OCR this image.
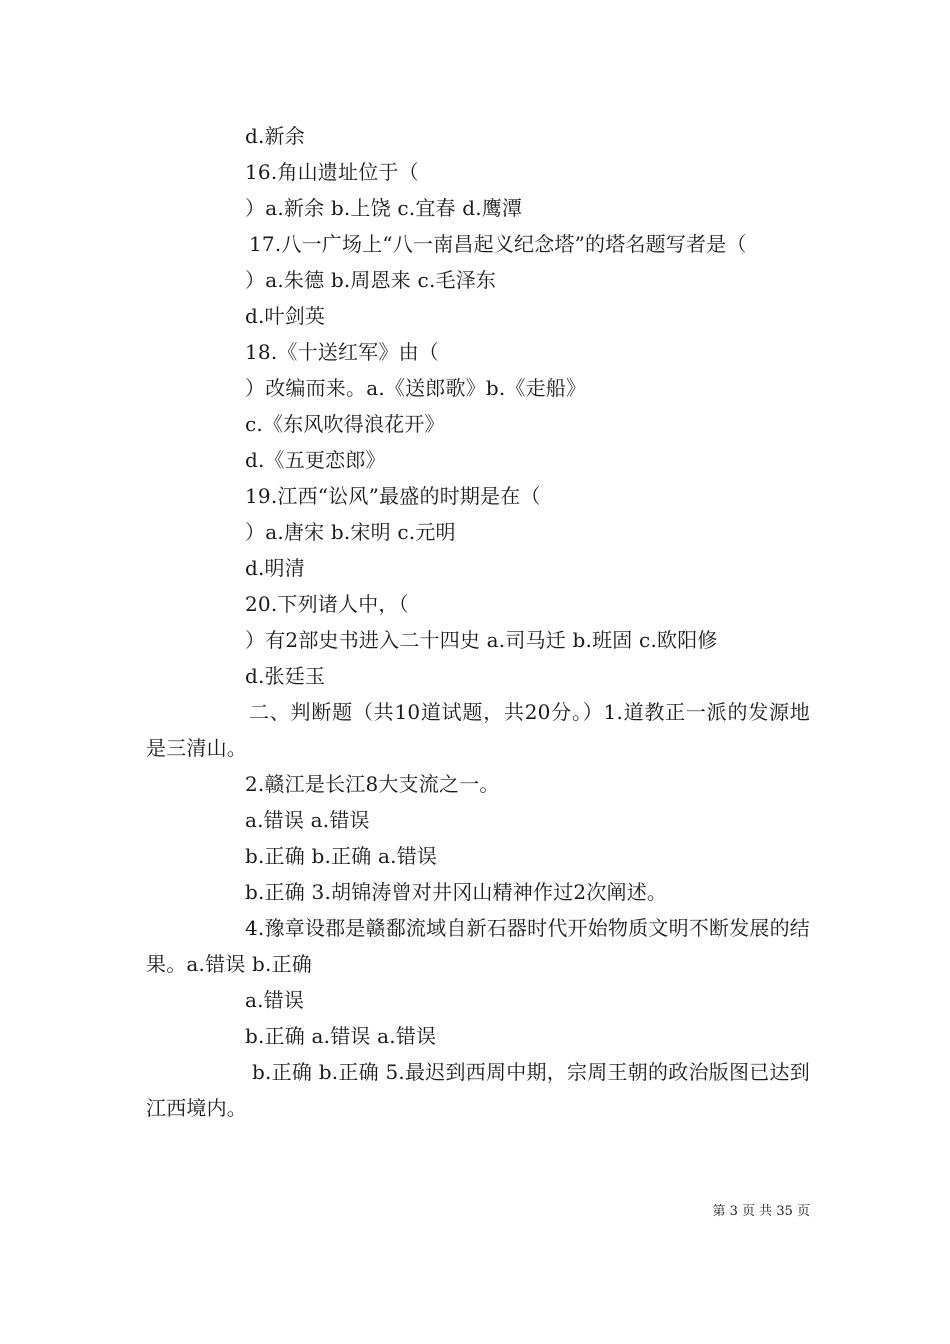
d.新余
16.角山遗址位于（
）a.新余 b.上饶 c.宜春 d.鹰潭
17.八一广场上“八一南昌起义纪念塔”的塔名题写者是（
）a.朱德 b.周恩来 c.毛泽东
d.叶剑英
18.《十送红军》由（
）改编而来。a.《送郎歌》b.《走船》
c.《东风吹得浪花开》
d.《五更恋郎》
19.江西“讼风”最盛的时期是在（
）a.唐宋 b.宋明 c.元明
d.明清
20.下列诸人中，（
）有2部史书进入二十四史 a.司马迁 b.班固 c.欧阳修
d.张廷玉
二、判断题（共10道试题，共20分。）1.道教正一派的发源地是三清山。
2.赣江是长江8大支流之一。
a.错误 a.错误
b.正确 b.正确 a.错误
b.正确 3.胡锦涛曾对井冈山精神作过2次阐述。
4.豫章设郡是赣鄱流域自新石器时代开始物质文明不断发展的结果。a.错误 b.正确
a.错误
b.正确 a.错误 a.错误
b.正确 b.正确 5.最迟到西周中期，宗周王朝的政治版图已达到江西境内。
第 3 页 共 35 页
